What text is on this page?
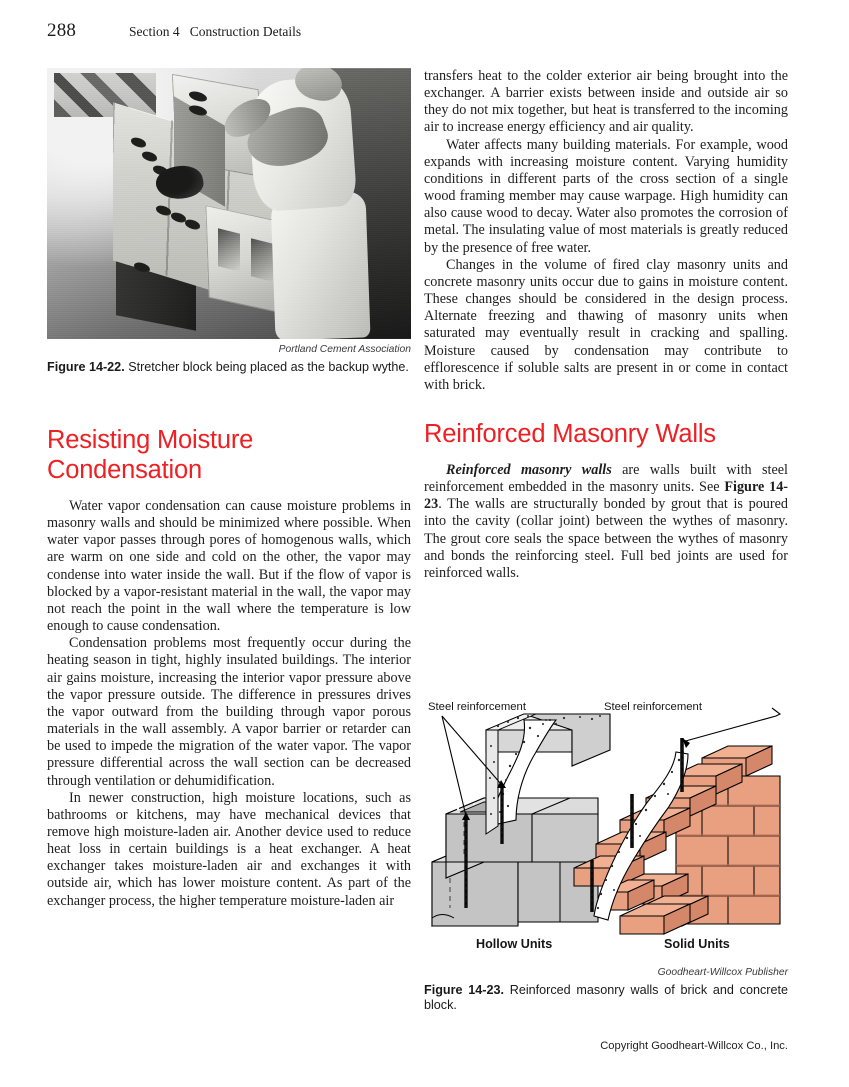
288	Section 4   Construction Details
Portland Cement Association
Figure 14-22. Stretcher block being placed as the backup wythe.
Resisting Moisture Condensation

Water vapor condensation can cause moisture problems in masonry walls and should be minimized where possible. When water vapor passes through pores of homogenous walls, which are warm on one side and cold on the other, the vapor may condense into water inside the wall. But if the flow of vapor is blocked by a vapor-resistant material in the wall, the vapor may not reach the point in the wall where the temperature is low enough to cause condensation.

Condensation problems most frequently occur during the heating season in tight, highly insulated buildings. The interior air gains moisture, increasing the interior vapor pressure above the vapor pressure outside. The difference in pressures drives the vapor outward from the building through vapor porous materials in the wall assembly. A vapor barrier or retarder can be used to impede the migration of the water vapor. The vapor pressure differential across the wall section can be decreased through ventilation or dehumidification.

In newer construction, high moisture locations, such as bathrooms or kitchens, may have mechanical devices that remove high moisture-laden air. Another device used to reduce heat loss in certain buildings is a heat exchanger. A heat exchanger takes moisture-laden air and exchanges it with outside air, which has lower moisture content. As part of the exchanger process, the higher temperature moisture-laden air

transfers heat to the colder exterior air being brought into the exchanger. A barrier exists between inside and outside air so they do not mix together, but heat is transferred to the incoming air to increase energy efficiency and air quality.

Water affects many building materials. For example, wood expands with increasing moisture content. Varying humidity conditions in different parts of the cross section of a single wood framing member may cause warpage. High humidity can also cause wood to decay. Water also promotes the corrosion of metal. The insulating value of most materials is greatly reduced by the presence of free water.

Changes in the volume of fired clay masonry units and concrete masonry units occur due to gains in moisture content. These changes should be considered in the design process. Alternate freezing and thawing of masonry units when saturated may eventually result in cracking and spalling. Moisture caused by condensation may contribute to efflorescence if soluble salts are present in or come in contact with brick.

Reinforced Masonry Walls

Reinforced masonry walls are walls built with steel reinforcement embedded in the masonry units. See Figure 14-23. The walls are structurally bonded by grout that is poured into the cavity (collar joint) between the wythes of masonry. The grout core seals the space between the wythes of masonry and bonds the reinforcing steel. Full bed joints are used for reinforced walls.

Steel reinforcement
Hollow Units
Steel reinforcement
Solid Units
Goodheart-Willcox Publisher
Figure 14-23. Reinforced masonry walls of brick and concrete block.
Copyright Goodheart-Willcox Co., Inc.
